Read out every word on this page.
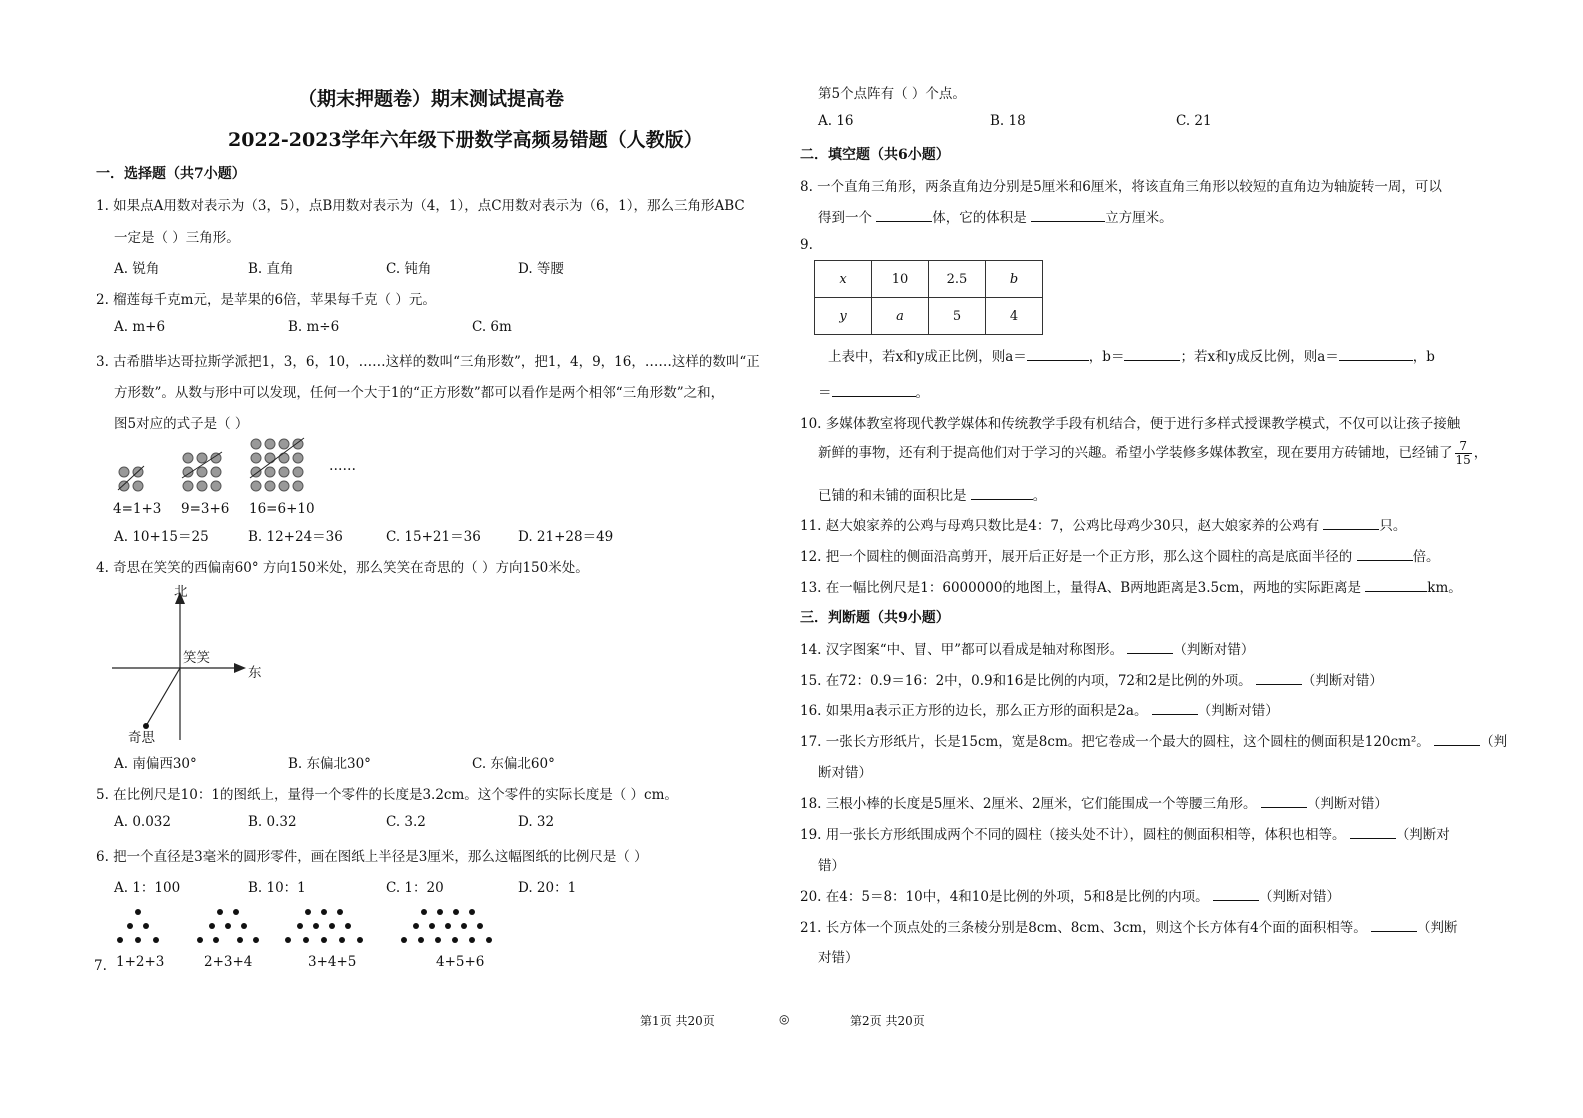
（期末押题卷）期末测试提高卷
2022-2023学年六年级下册数学高频易错题（人教版）
一．选择题（共7小题）
1. 如果点A用数对表示为（3，5），点B用数对表示为（4，1），点C用数对表示为（6，1），那么三角形ABC
一定是（ ）三角形。
A. 锐角	B. 直角	C. 钝角	D. 等腰
2. 榴莲每千克m元，是苹果的6倍，苹果每千克（ ）元。
A. m+6	B. m÷6	C. 6m
3. 古希腊毕达哥拉斯学派把1，3，6，10，……这样的数叫“三角形数”，把1，4，9，16，……这样的数叫“正
方形数”。从数与形中可以发现，任何一个大于1的“正方形数”都可以看作是两个相邻“三角形数”之和，
图5对应的式子是（ ）
4=1+3 9=3+6 16=6+10
……
A. 10+15＝25	B. 12+24＝36	C. 15+21＝36	D. 21+28＝49
4. 奇思在笑笑的西偏南60° 方向150米处，那么笑笑在奇思的（ ）方向150米处。
北
东
笑笑
奇思
A. 南偏西30°	B. 东偏北30°	C. 东偏北60°
5. 在比例尺是10：1的图纸上，量得一个零件的长度是3.2cm。这个零件的实际长度是（ ）cm。
A. 0.032	B. 0.32	C. 3.2	D. 32
6. 把一个直径是3毫米的圆形零件，画在图纸上半径是3厘米，那么这幅图纸的比例尺是（ ）
A. 1：100	B. 10：1	C. 1：20	D. 20：1
7. 1+2+3	2+3+4	3+4+5	4+5+6
第5个点阵有（ ）个点。
A. 16	B. 18	C. 21
二．填空题（共6小题）
8. 一个直角三角形，两条直角边分别是5厘米和6厘米，将该直角三角形以较短的直角边为轴旋转一周，可以
得到一个	体，它的体积是	立方厘米。
9.
x	10	2.5	b
y	a	5	4
上表中，若x和y成正比例，则a＝	，b＝	；若x和y成反比例，则a＝	，b
＝	。
10. 多媒体教室将现代教学媒体和传统教学手段有机结合，便于进行多样式授课教学模式，不仅可以让孩子接触
新鲜的事物，还有利于提高他们对于学习的兴趣。希望小学装修多媒体教室，现在要用方砖铺地，已经铺了 $\frac{7}{15}$ ，
已铺的和未铺的面积比是	。
11. 赵大娘家养的公鸡与母鸡只数比是4：7，公鸡比母鸡少30只，赵大娘家养的公鸡有	只。
12. 把一个圆柱的侧面沿高剪开，展开后正好是一个正方形，那么这个圆柱的高是底面半径的	倍。
13. 在一幅比例尺是1：6000000的地图上，量得A、B两地距离是3.5cm，两地的实际距离是	km。
三．判断题（共9小题）
14. 汉字图案“中、冒、甲”都可以看成是轴对称图形。	（判断对错）
15. 在72：0.9＝16：2中，0.9和16是比例的内项，72和2是比例的外项。	（判断对错）
16. 如果用a表示正方形的边长，那么正方形的面积是2a。	（判断对错）
17. 一张长方形纸片，长是15cm，宽是8cm。把它卷成一个最大的圆柱，这个圆柱的侧面积是120cm²。	（判
断对错）
18. 三根小棒的长度是5厘米、2厘米、2厘米，它们能围成一个等腰三角形。	（判断对错）
19. 用一张长方形纸围成两个不同的圆柱（接头处不计），圆柱的侧面积相等，体积也相等。	（判断对
错）
20. 在4：5＝8：10中，4和10是比例的外项，5和8是比例的内项。	（判断对错）
21. 长方体一个顶点处的三条棱分别是8cm、8cm、3cm，则这个长方体有4个面的面积相等。	（判断
对错）
第1页 共20页	◎	第2页 共20页
